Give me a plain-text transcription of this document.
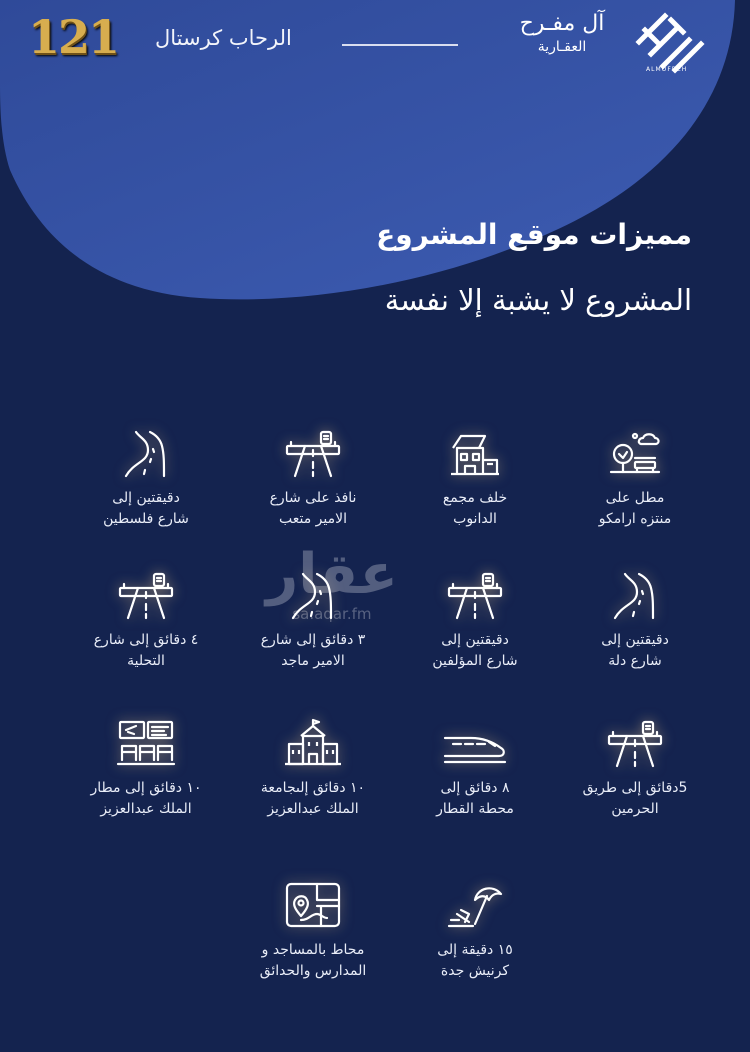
121 الرحاب كرستال
آل مفـرح
العقـارية
ALMOFREH
مميزات موقع المشروع
المشروع لا يشبة إلا نفسة
عقار
sa.aqar.fm
مطل على
منتزه ارامكو
خلف مجمع
الدانوب
نافذ على شارع
الامير متعب
دقيقتين إلى
شارع فلسطين
دقيقتين إلى
شارع دلة
دقيقتين إلى
شارع المؤلفين
٣ دقائق إلى شارع
الامير ماجد
٤ دقائق إلى شارع
التحلية
5دقائق إلى طريق
الحرمين
٨ دقائق إلى
محطة القطار
١٠ دقائق إلىجامعة
الملك عبدالعزيز
١٠ دقائق إلى مطار
الملك عبدالعزيز
١٥ دقيقة إلى
كرنيش جدة
محاط بالمساجد و
المدارس والحدائق
